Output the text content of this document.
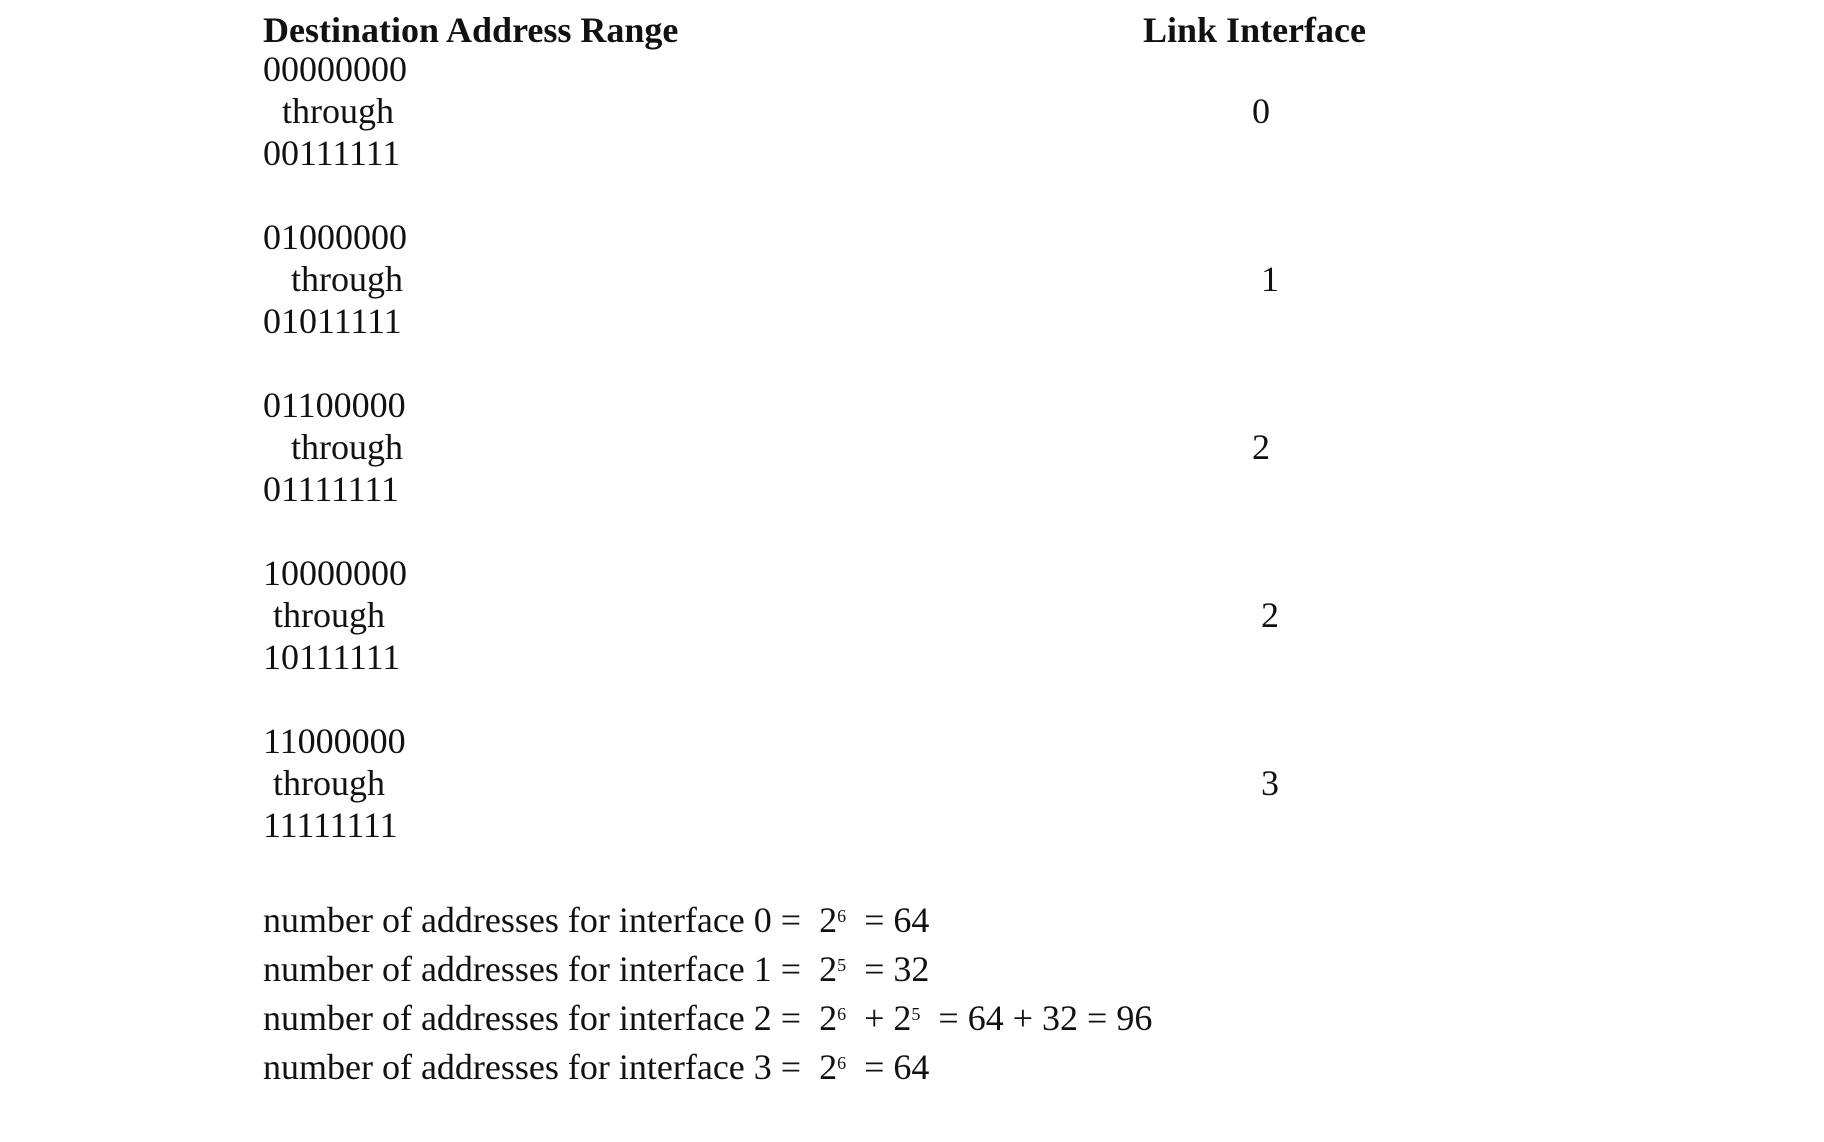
Destination Address Range	Link Interface
00000000
through
00111111
0
01000000
through
01011111
1
01100000
through
01111111
2
10000000
through
10111111
2
11000000
through
11111111
3
number of addresses for interface $0 = 2^6 = 64$
number of addresses for interface $1 = 2^5 = 32$
number of addresses for interface $2 = 2^6 + 2^5 = 64 + 32 = 96$
number of addresses for interface $3 = 2^6 = 64$
